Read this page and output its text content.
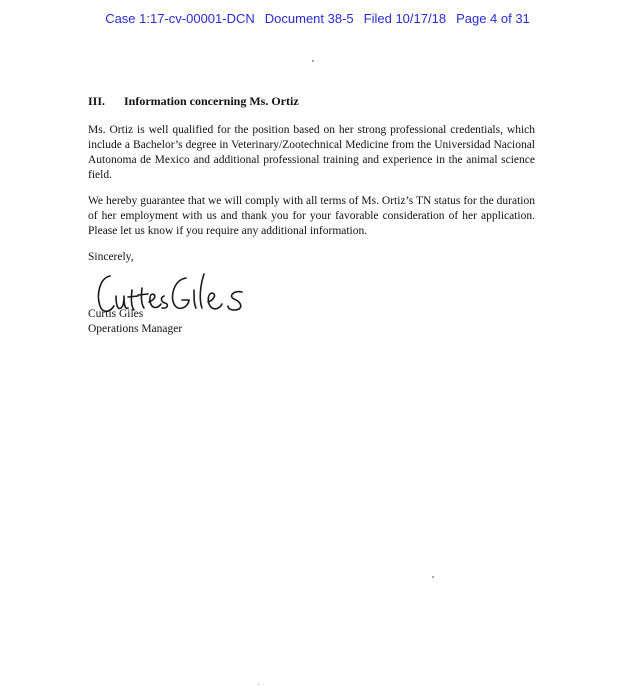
Case 1:17-cv-00001-DCN Document 38-5 Filed 10/17/18 Page 4 of 31
III. Information concerning Ms. Ortiz
Ms. Ortiz is well qualified for the position based on her strong professional credentials, which include a Bachelor’s degree in Veterinary/Zootechnical Medicine from the Universidad Nacional Autonoma de Mexico and additional professional training and experience in the animal science field.
We hereby guarantee that we will comply with all terms of Ms. Ortiz’s TN status for the duration of her employment with us and thank you for your favorable consideration of her application. Please let us know if you require any additional information.
Sincerely,
Curtis Giles
Operations Manager
